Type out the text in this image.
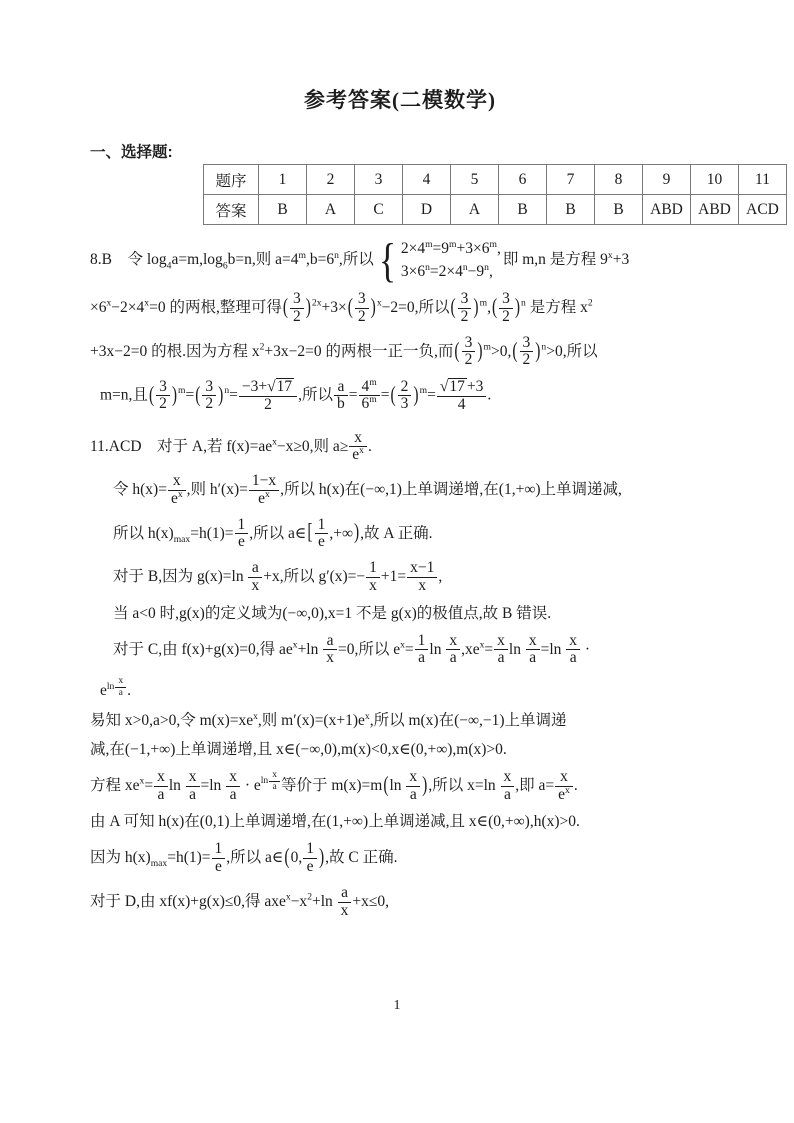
参考答案(二模数学)
一、选择题:
题序	1	2	3	4	5	6	7	8	9	10	11
答案	B	A	C	D	A	B	B	B	ABD	ABD	ACD
8.B　令 $\log_4a=m,\log_6b=n$,则 $a=4^m,b=6^n$,所以 { $2\times 4^m=9^m+3\times 6^m$,
$3\times 6^n=2\times 4^n-9^n$,
即 m,n 是方程 $9^x+3$
$\times 6^x-2\times 4^x=0$ 的两根,整理可得( $\frac{3}{2} )^{2x}+3\times( \frac{3}{2} )^x-2=0$,所以( $\frac{3}{2} )^m,( \frac{3}{2} )^n$ 是方程 $x^2$
+3x−2=0 的根.因为方程 $x^2+3x-2=0$ 的两根一正一负,而( $\frac{3}{2} )^m>0,( \frac{3}{2} )^n>0$,所以
m=n,且( $\frac{3}{2} )^m=( \frac{3}{2} )^n= \frac{-3+√17}{2}$ ,所以 $\frac{a}{b} = \frac{4^m}{6^m}$ =( $\frac{2}{3} )^m= \frac{√17 +3}{4}$ .
11.ACD　对于 A,若 $f(x)=ae^x-x\ge 0$,则 $a\ge \frac{x}{e^x}$ .
令 $h(x)= \frac{x}{e^x}$ ,则 $h'(x)= \frac{1-x}{e^x}$ ,所以 h(x)在(−∞,1)上单调递增,在(1,+∞)上单调递减,
所以 $h(x)_{max}=h(1)= \frac{1}{e}$ ,所以 a∈[ $\frac{1}{e}$ ,+∞),故 A 正确.
对于 B,因为 $g(x)=\ln \frac{a}{x} +x$,所以 $g'(x)=- \frac{1}{x} +1= \frac{x-1}{x}$ ,
当 a<0 时,g(x)的定义域为(−∞,0),x=1 不是 g(x)的极值点,故 B 错误.
对于 C,由 f(x)+g(x)=0,得 $ae^x+\ln \frac{a}{x} =0$,所以 $e^x= \frac{1}{a}$ $\ln \frac{x}{a} ,xe^x= \frac{x}{a}$ $\ln \frac{x}{a} =\ln \frac{x}{a}$ ·
$e^{ln \frac{x}{a}}$ .
易知 x>0,a>0,令 $m(x)=xe^x$,则 $m'(x)=(x+1)e^x$,所以 m(x)在(−∞,−1)上单调递
减,在(−1,+∞)上单调递增,且 x∈(−∞,0),m(x)<0,x∈(0,+∞),m(x)>0.
方程 $xe^x= \frac{x}{a}$ $\ln \frac{x}{a} =\ln \frac{x}{a} \cdot e^{ln \frac{x}{a}}$ 等价于 $m(x)=m(\ln \frac{x}{a}$ ),所以 $x=\ln \frac{x}{a}$ ,即 $a= \frac{x}{e^x}$ .
由 A 可知 h(x)在(0,1)上单调递增,在(1,+∞)上单调递减,且 x∈(0,+∞),h(x)>0.
因为 $h(x)_{max}=h(1)= \frac{1}{e}$ ,所以 a∈(0, $\frac{1}{e}$ ),故 C 正确.
对于 D,由 xf(x)+g(x)≤0,得 $axe^x-x^2+\ln \frac{a}{x} +x\le 0$,
1
